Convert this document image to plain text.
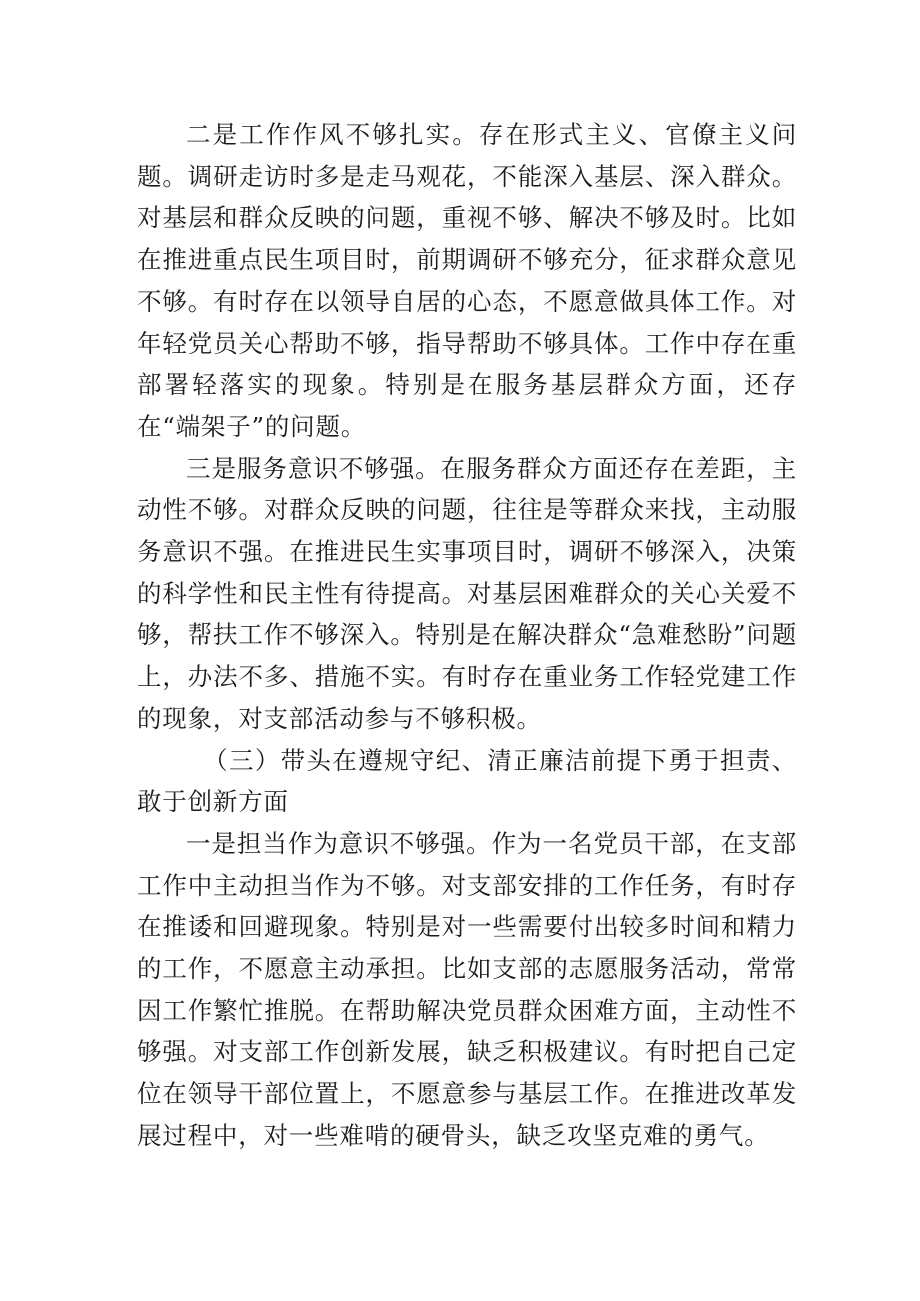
二是工作作风不够扎实。存在形式主义、官僚主义问题。调研走访时多是走马观花，不能深入基层、深入群众。对基层和群众反映的问题，重视不够、解决不够及时。比如在推进重点民生项目时，前期调研不够充分，征求群众意见不够。有时存在以领导自居的心态，不愿意做具体工作。对年轻党员关心帮助不够，指导帮助不够具体。工作中存在重部署轻落实的现象。特别是在服务基层群众方面，还存在“端架子”的问题。

三是服务意识不够强。在服务群众方面还存在差距，主动性不够。对群众反映的问题，往往是等群众来找，主动服务意识不强。在推进民生实事项目时，调研不够深入，决策的科学性和民主性有待提高。对基层困难群众的关心关爱不够，帮扶工作不够深入。特别是在解决群众“急难愁盼”问题上，办法不多、措施不实。有时存在重业务工作轻党建工作的现象，对支部活动参与不够积极。

（三）带头在遵规守纪、清正廉洁前提下勇于担责、敢于创新方面

一是担当作为意识不够强。作为一名党员干部，在支部工作中主动担当作为不够。对支部安排的工作任务，有时存在推诿和回避现象。特别是对一些需要付出较多时间和精力的工作，不愿意主动承担。比如支部的志愿服务活动，常常因工作繁忙推脱。在帮助解决党员群众困难方面，主动性不够强。对支部工作创新发展，缺乏积极建议。有时把自己定位在领导干部位置上，不愿意参与基层工作。在推进改革发展过程中，对一些难啃的硬骨头，缺乏攻坚克难的勇气。
